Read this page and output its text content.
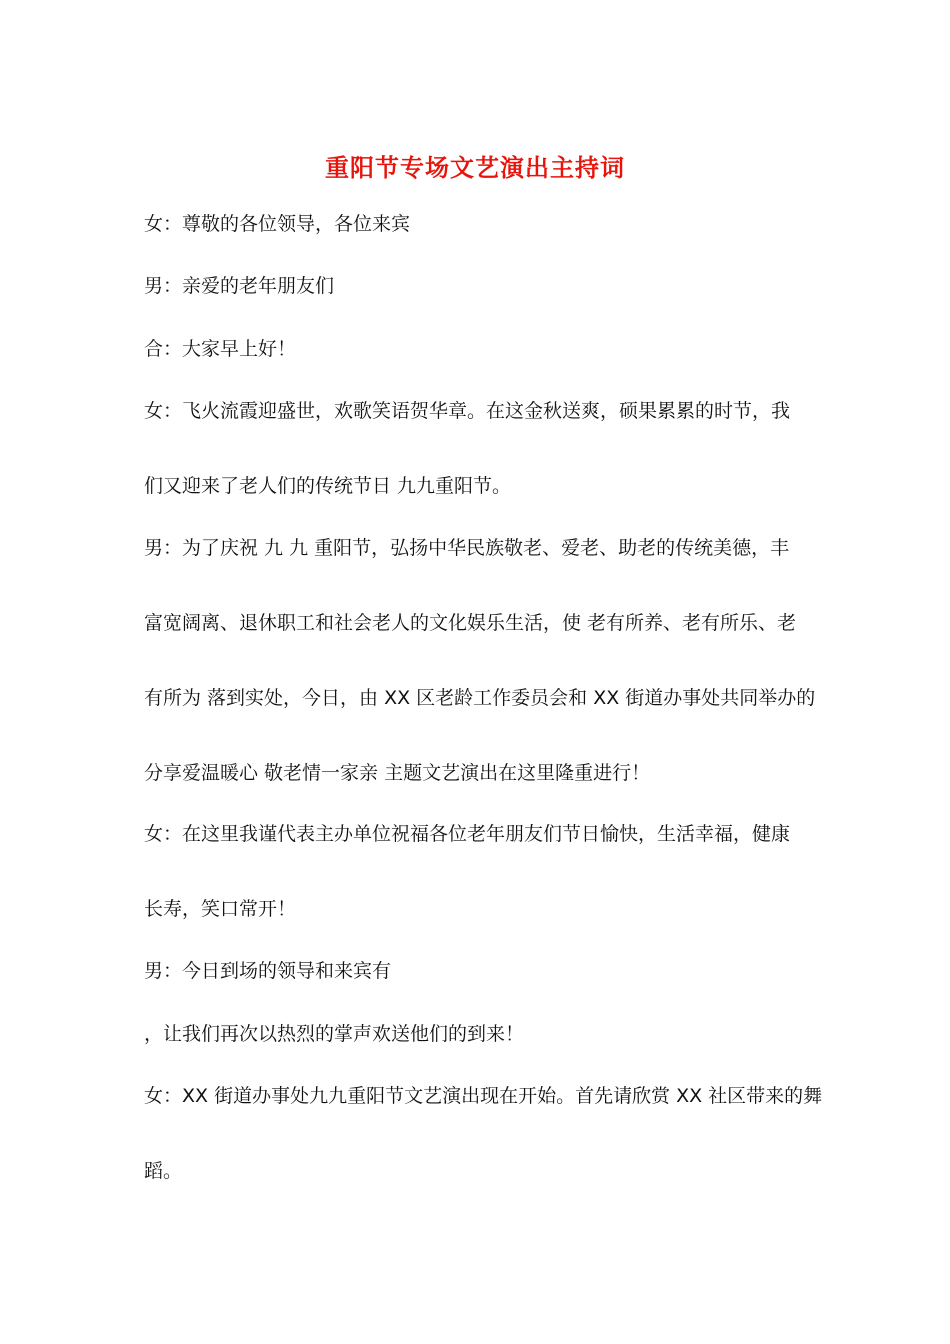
重阳节专场文艺演出主持词
女：尊敬的各位领导，各位来宾
男：亲爱的老年朋友们
合：大家早上好！
女：飞火流霞迎盛世，欢歌笑语贺华章。在这金秋送爽，硕果累累的时节，我
们又迎来了老人们的传统节日 九九重阳节。
男：为了庆祝 九 九 重阳节，弘扬中华民族敬老、爱老、助老的传统美德，丰
富宽阔离、退休职工和社会老人的文化娱乐生活，使 老有所养、老有所乐、老
有所为 落到实处，今日，由 XX 区老龄工作委员会和 XX 街道办事处共同举办的
分享爱温暖心 敬老情一家亲 主题文艺演出在这里隆重进行！
女：在这里我谨代表主办单位祝福各位老年朋友们节日愉快，生活幸福，健康
长寿，笑口常开！
男：今日到场的领导和来宾有
，让我们再次以热烈的掌声欢送他们的到来！
女：XX 街道办事处九九重阳节文艺演出现在开始。首先请欣赏 XX 社区带来的舞
蹈。
